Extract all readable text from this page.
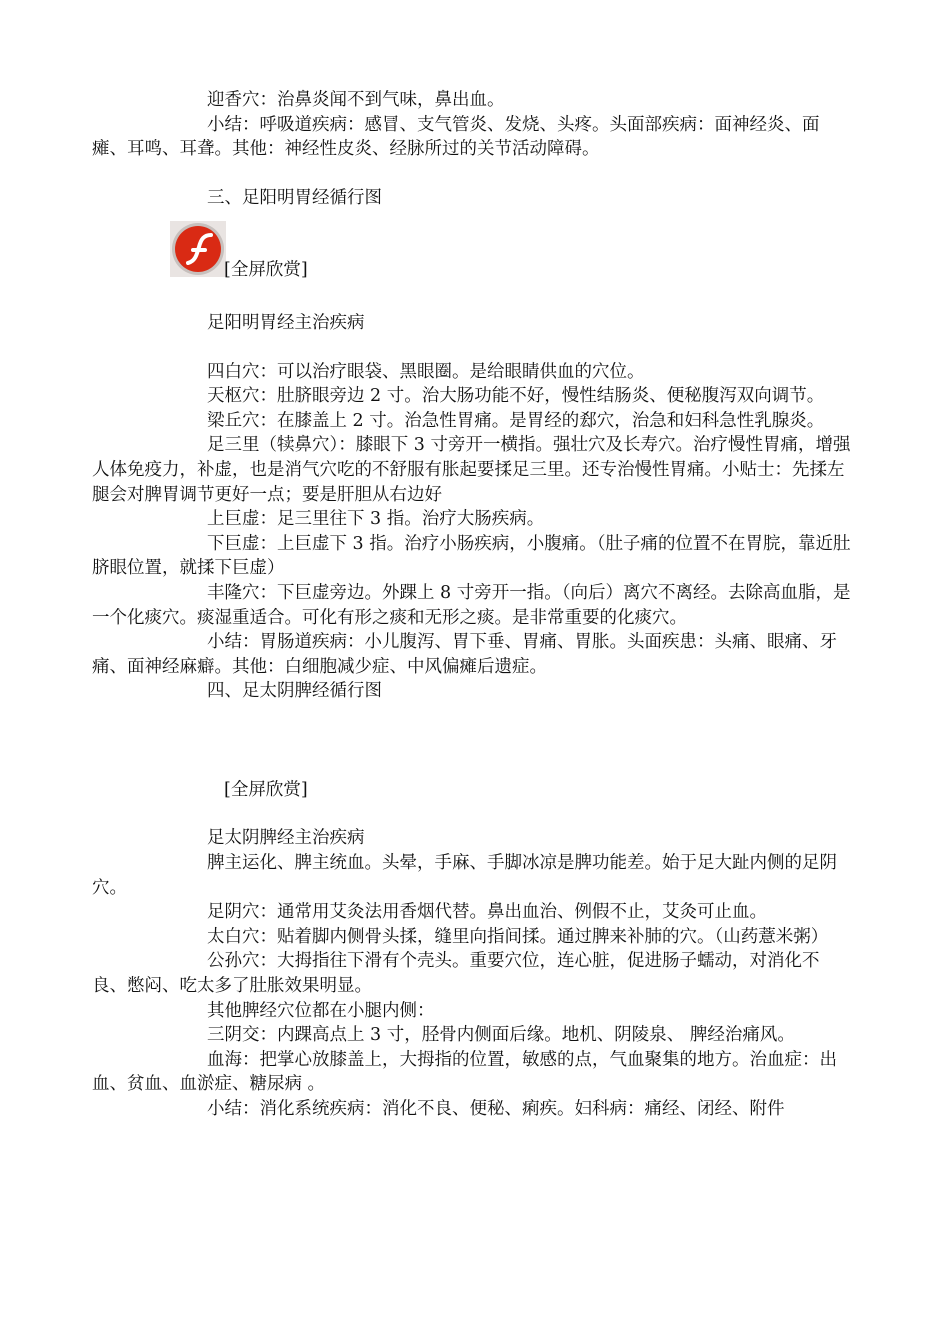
迎香穴：治鼻炎闻不到气味，鼻出血。

小结：呼吸道疾病：感冒、支气管炎、发烧、头疼。头面部疾病：面神经炎、面瘫、耳鸣、耳聋。其他：神经性皮炎、经脉所过的关节活动障碍。

三、足阳明胃经循行图

[全屏欣赏]

足阳明胃经主治疾病

四白穴：可以治疗眼袋、黑眼圈。是给眼睛供血的穴位。

天枢穴：肚脐眼旁边 2 寸。治大肠功能不好，慢性结肠炎、便秘腹泻双向调节。

梁丘穴：在膝盖上 2 寸。治急性胃痛。是胃经的郄穴，治急和妇科急性乳腺炎。

足三里（犊鼻穴）：膝眼下 3 寸旁开一横指。强壮穴及长寿穴。治疗慢性胃痛，增强人体免疫力，补虚，也是消气穴吃的不舒服有胀起要揉足三里。还专治慢性胃痛。小贴士：先揉左腿会对脾胃调节更好一点；要是肝胆从右边好

上巨虚：足三里往下 3 指。治疗大肠疾病。

下巨虚：上巨虚下 3 指。治疗小肠疾病，小腹痛。（肚子痛的位置不在胃脘，靠近肚脐眼位置，就揉下巨虚）

丰隆穴：下巨虚旁边。外踝上 8 寸旁开一指。（向后）离穴不离经。去除高血脂，是一个化痰穴。痰湿重适合。可化有形之痰和无形之痰。是非常重要的化痰穴。

小结：胃肠道疾病：小儿腹泻、胃下垂、胃痛、胃胀。头面疾患：头痛、眼痛、牙痛、面神经麻癖。其他：白细胞减少症、中风偏瘫后遗症。

四、足太阴脾经循行图

[全屏欣赏]

足太阴脾经主治疾病

脾主运化、脾主统血。头晕，手麻、手脚冰凉是脾功能差。始于足大趾内侧的足阴穴。

足阴穴：通常用艾灸法用香烟代替。鼻出血治、例假不止，艾灸可止血。

太白穴：贴着脚内侧骨头揉，缝里向指间揉。通过脾来补肺的穴。（山药薏米粥）

公孙穴：大拇指往下滑有个壳头。重要穴位，连心脏，促进肠子蠕动，对消化不良、憋闷、吃太多了肚胀效果明显。

其他脾经穴位都在小腿内侧：

三阴交：内踝高点上 3 寸，胫骨内侧面后缘。地机、阴陵泉、 脾经治痛风。

血海：把掌心放膝盖上，大拇指的位置，敏感的点，气血聚集的地方。治血症：出血、贫血、血淤症、糖尿病 。

小结：消化系统疾病：消化不良、便秘、痢疾。妇科病：痛经、闭经、附件
